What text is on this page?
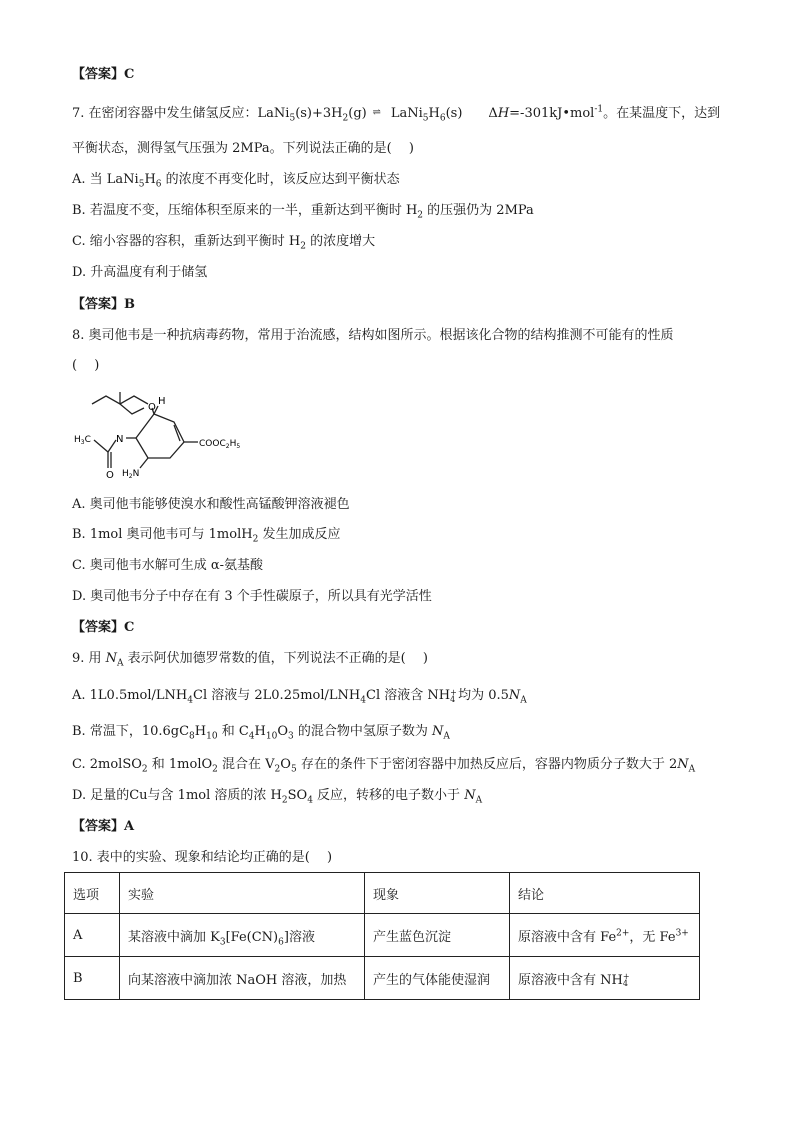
【答案】C
7. 在密闭容器中发生储氢反应：$LaNi_5(s)+3H_2(g)$ ⇌ $LaNi_5H_6(s)$　　ΔH=-301kJ•mol$^{-1}$。在某温度下，达到
平衡状态，测得氢气压强为 2MPa。下列说法正确的是(　 )
A. 当 $LaNi_5H_6$ 的浓度不再变化时，该反应达到平衡状态
B. 若温度不变，压缩体积至原来的一半，重新达到平衡时 $H_2$ 的压强仍为 2MPa
C. 缩小容器的容积，重新达到平衡时 $H_2$ 的浓度增大
D. 升高温度有利于储氢
【答案】B
8. 奥司他韦是一种抗病毒药物，常用于治流感，结构如图所示。根据该化合物的结构推测不可能有的性质
(　 )
O
H
N
$H_3C$
O
$COOC_2H_5$
$H_2N$
A. 奥司他韦能够使溴水和酸性高锰酸钾溶液褪色
B. 1mol 奥司他韦可与 1molH$_2$ 发生加成反应
C. 奥司他韦水解可生成 α-氨基酸
D. 奥司他韦分子中存在有 3 个手性碳原子，所以具有光学活性
【答案】C
9. 用 $N_A$ 表示阿伏加德罗常数的值，下列说法不正确的是(　 )
A. $1L0.5mol/LNH_4Cl$ 溶液与 $2L0.25mol/LNH_4Cl$ 溶液含 NH +
4 均为 $0.5N_A$
B. 常温下，$10.6gC_8H_{10}$ 和 $C_4H_{10}O_3$ 的混合物中氢原子数为 $N_A$
C. 2molSO$_2$ 和 1molO$_2$ 混合在 $V_2O_5$ 存在的条件下于密闭容器中加热反应后，容器内物质分子数大于 $2N_A$
D. 足量的Cu与含 1mol 溶质的浓 $H_2SO_4$ 反应，转移的电子数小于 $N_A$
【答案】A
10. 表中的实验、现象和结论均正确的是(　 )
选项	实验	现象	结论
A	某溶液中滴加 $K_3[Fe(CN)_6]$溶液	产生蓝色沉淀	原溶液中含有 $Fe^{2+}$，无 $Fe^{3+}$
B	向某溶液中滴加浓 NaOH 溶液，加热	产生的气体能使湿润	原溶液中含有 NH +
4
